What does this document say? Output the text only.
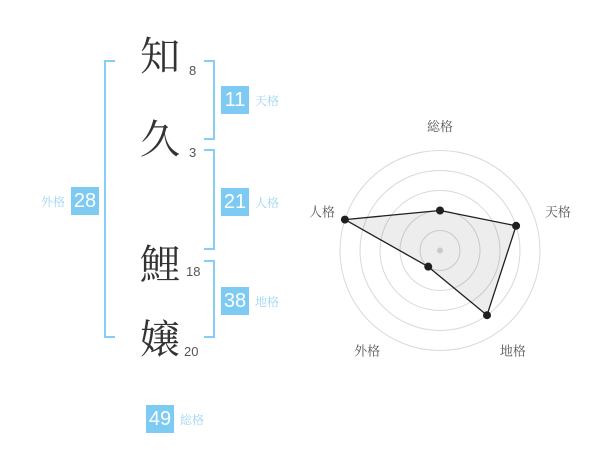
知
久
鯉
嬢
8
3
18
20
11 天格
21 人格
38 地格
外格 28
49 総格
総格
天格
地格
外格
人格
